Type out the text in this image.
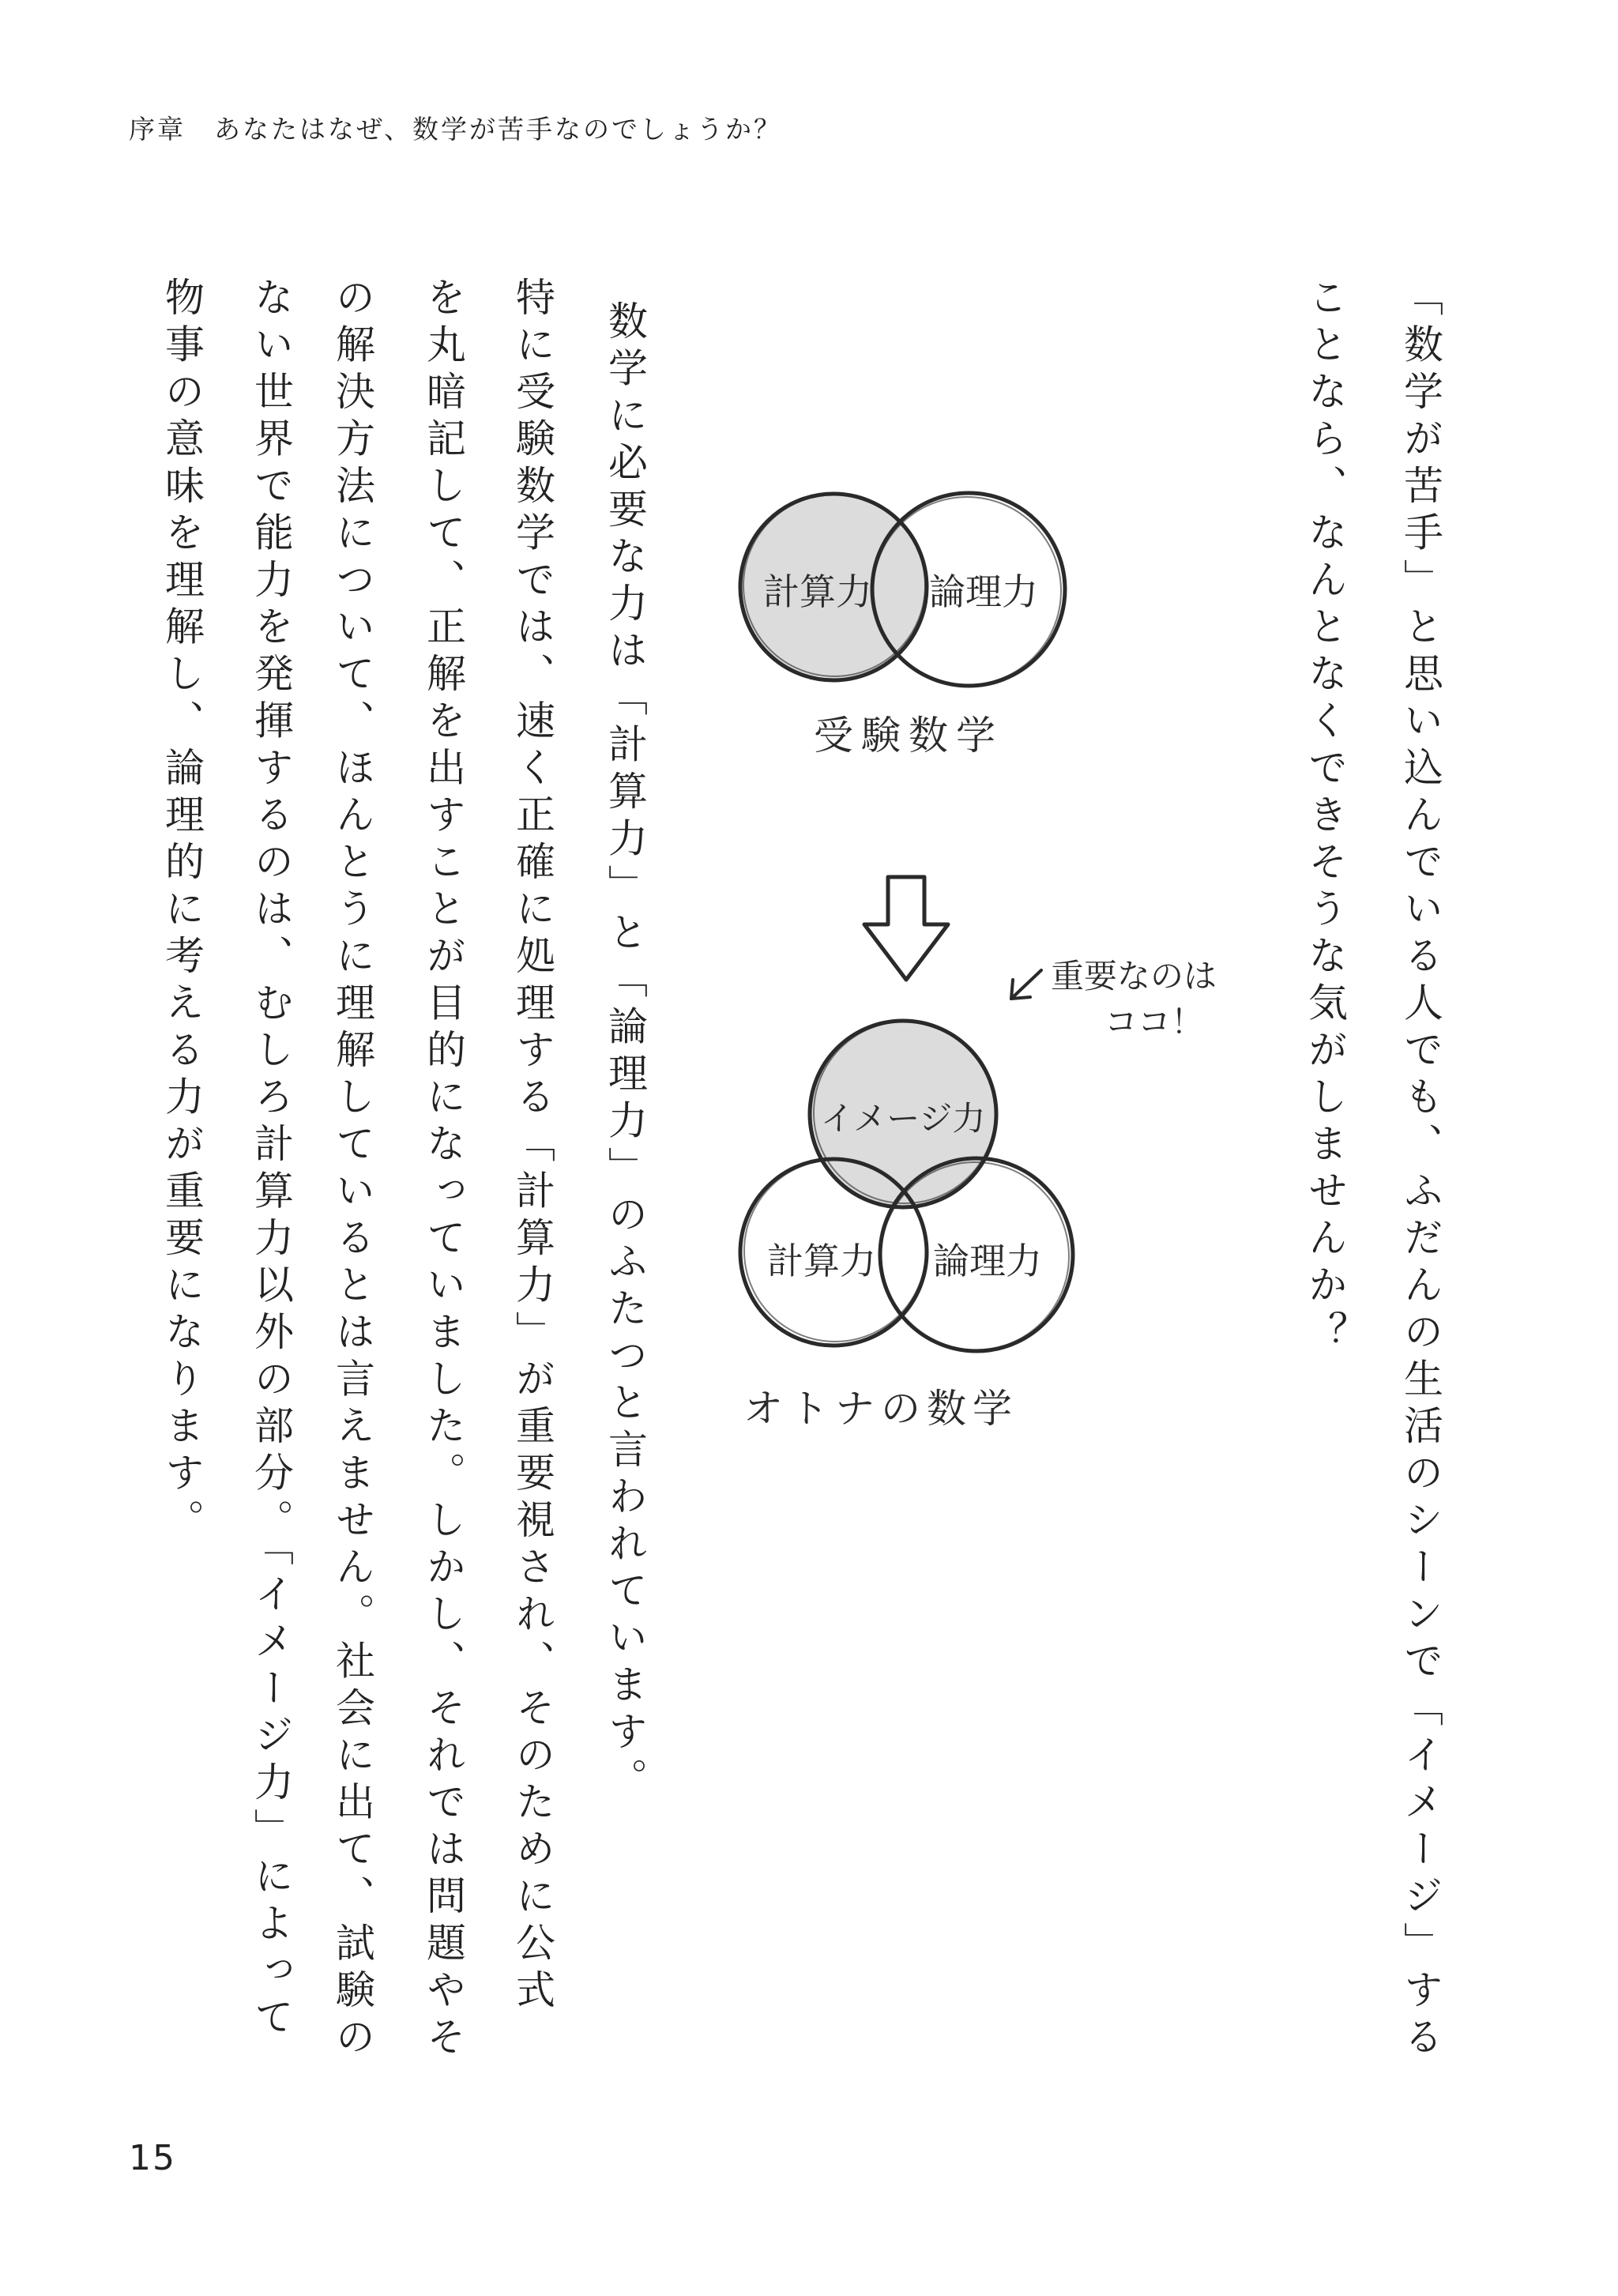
序章　あなたはなぜ、数学が苦手なのでしょうか？
「数学が苦手」と思い込んでいる人でも、ふだんの生活のシーンで「イメージ」する
ことなら、なんとなくできそうな気がしませんか？
数学に必要な力は「計算力」と「論理力」のふたつと言われています。
特に受験数学では、速く正確に処理する「計算力」が重要視され、そのために公式
を丸暗記して、正解を出すことが目的になっていました。しかし、それでは問題やそ
の解決方法について、ほんとうに理解しているとは言えません。社会に出て、試験の
ない世界で能力を発揮するのは、むしろ計算力以外の部分。「イメージ力」によって
物事の意味を理解し、論理的に考える力が重要になります。	計算力 論理力
受験数学
イメージ力
計算力 論理力
オトナの数学
重要なのは
ココ！
15
